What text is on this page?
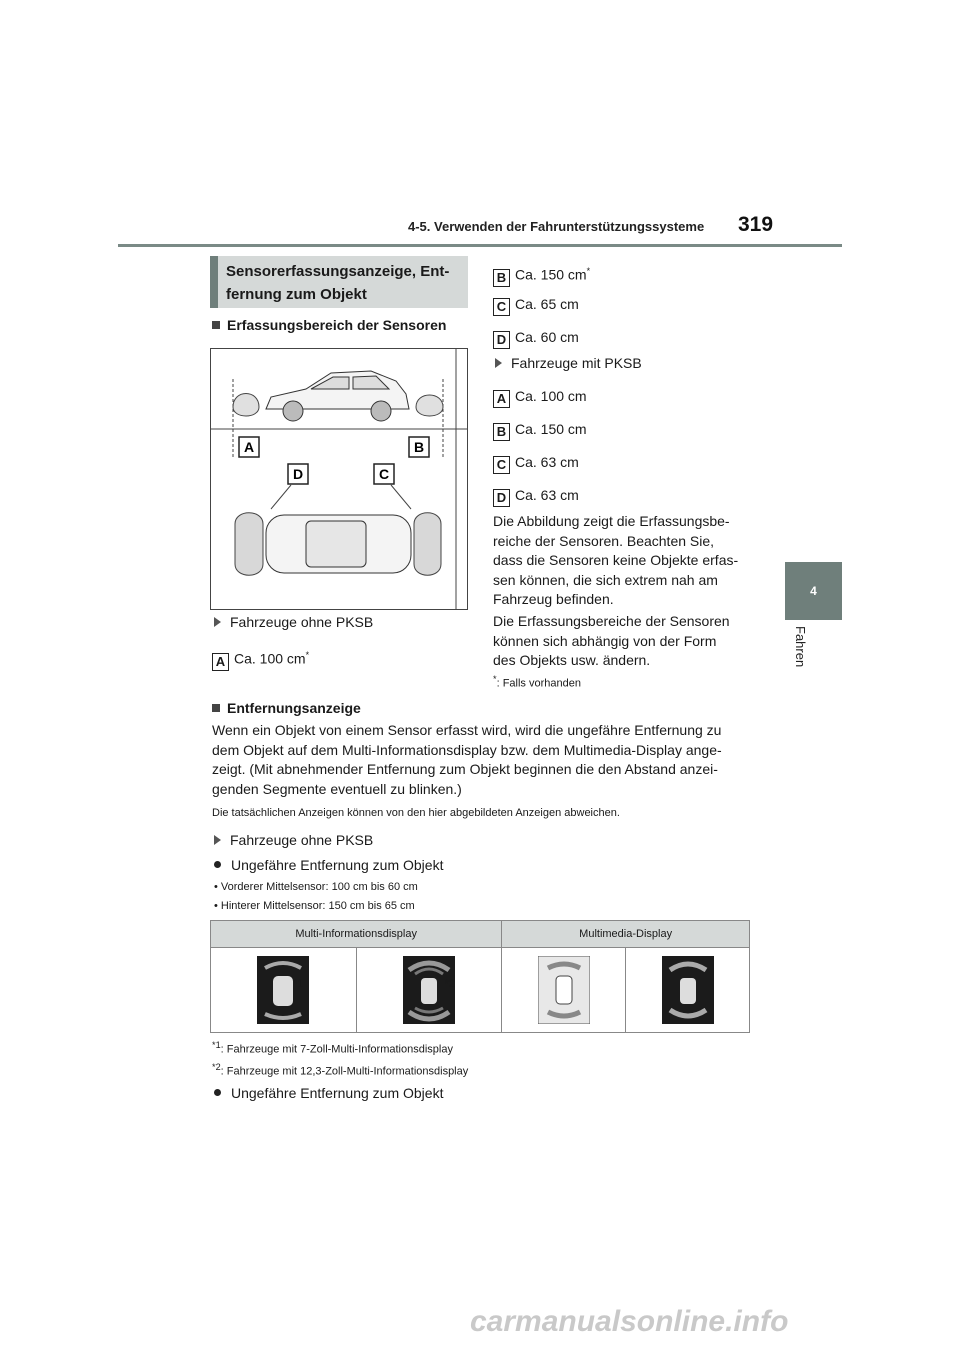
4-5. Verwenden der Fahrunterstützungssysteme 319
4
Fahren
Sensorerfassungsanzeige, Ent-
fernung zum Objekt
Erfassungsbereich der Sensoren
A	B
D	C
Fahrzeuge ohne PKSB
A Ca. 100 cm*
B Ca. 150 cm*
C Ca. 65 cm
D Ca. 60 cm
Fahrzeuge mit PKSB
A Ca. 100 cm
B Ca. 150 cm
C Ca. 63 cm
D Ca. 63 cm
Die Abbildung zeigt die Erfassungsbe-
reiche der Sensoren. Beachten Sie,
dass die Sensoren keine Objekte erfas-
sen können, die sich extrem nah am
Fahrzeug befinden.
Die Erfassungsbereiche der Sensoren
können sich abhängig von der Form
des Objekts usw. ändern.
*: Falls vorhanden
Entfernungsanzeige
Wenn ein Objekt von einem Sensor erfasst wird, wird die ungefähre Entfernung zu
dem Objekt auf dem Multi-Informationsdisplay bzw. dem Multimedia-Display ange-
zeigt. (Mit abnehmender Entfernung zum Objekt beginnen die den Abstand anzei-
genden Segmente eventuell zu blinken.)
Die tatsächlichen Anzeigen können von den hier abgebildeten Anzeigen abweichen.
Fahrzeuge ohne PKSB
Ungefähre Entfernung zum Objekt
• Vorderer Mittelsensor: 100 cm bis 60 cm
• Hinterer Mittelsensor: 150 cm bis 65 cm
Multi-Informationsdisplay		Multimedia-Display	

*1	*2

$^{*1}$: Fahrzeuge mit 7-Zoll-Multi-Informationsdisplay
$^{*2}$: Fahrzeuge mit 12,3-Zoll-Multi-Informationsdisplay
Ungefähre Entfernung zum Objekt
carmanualsonline.info
